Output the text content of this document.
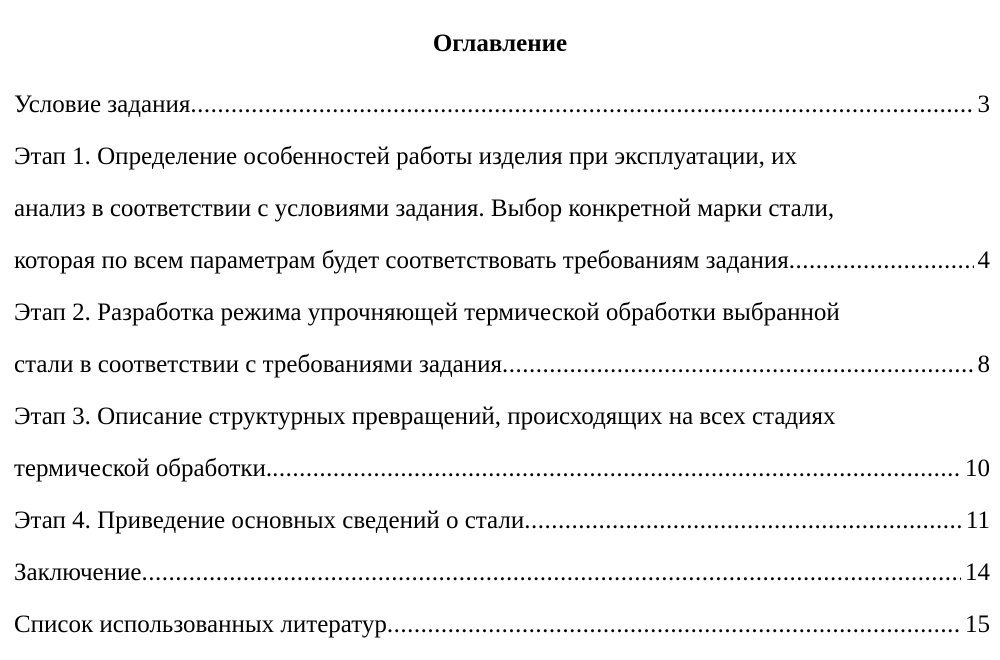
Оглавление
Условие задания .....	3
Этап 1. Определение особенностей работы изделия при эксплуатации, их
анализ в соответствии с условиями задания. Выбор конкретной марки стали,
которая по всем параметрам будет соответствовать требованиям задания .....	4
Этап 2. Разработка режима упрочняющей термической обработки выбранной
стали в соответствии с требованиями задания .....	8
Этап 3. Описание структурных превращений, происходящих на всех стадиях
термической обработки. .....	10
Этап 4. Приведение основных сведений о стали .....	11
Заключение .....	14
Список использованных литератур .....	15
